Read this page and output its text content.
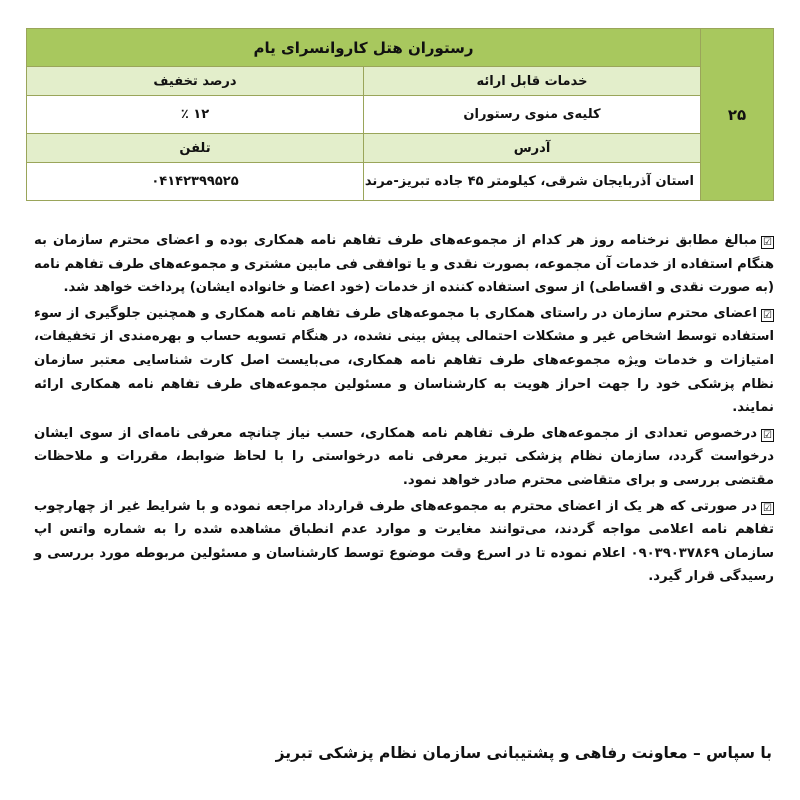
۲۵	رستوران هتل کاروانسرای یام	
	خدمات قابل ارائه	درصد تخفیف
	کلیه‌ی منوی رستوران	۱۲ ٪
	آدرس	تلفن
	استان آذربایجان شرقی، کیلومتر ۴۵ جاده تبریز-مرند	۰۴۱۴۲۳۹۹۵۲۵

☑مبالغ مطابق نرخنامه روز هر کدام از مجموعه‌های طرف تفاهم نامه همکاری بوده و اعضای محترم سازمان به هنگام استفاده از خدمات آن مجموعه، بصورت نقدی و یا توافقی فی مابین مشتری و مجموعه‌های طرف تفاهم نامه (به صورت نقدی و اقساطی) از سوی استفاده کننده از خدمات (خود اعضا و خانواده ایشان) پرداخت خواهد شد.

☑اعضای محترم سازمان در راستای همکاری با مجموعه‌های طرف تفاهم نامه همکاری و همچنین جلوگیری از سوء استفاده توسط اشخاص غیر و مشکلات احتمالی پیش بینی نشده، در هنگام تسویه حساب و بهره‌مندی از تخفیفات، امتیازات و خدمات ویژه مجموعه‌های طرف تفاهم نامه همکاری، می‌بایست اصل کارت شناسایی معتبر سازمان نظام پزشکی خود را جهت احراز هویت به کارشناسان و مسئولین مجموعه‌های طرف تفاهم نامه همکاری ارائه نمایند.

☑درخصوص تعدادی از مجموعه‌های طرف تفاهم نامه همکاری، حسب نیاز چنانچه معرفی نامه‌ای از سوی ایشان درخواست گردد، سازمان نظام پزشکی تبریز معرفی نامه درخواستی را با لحاظ ضوابط، مقررات و ملاحظات مقتضی بررسی و برای متقاضی محترم صادر خواهد نمود.

☑در صورتی که هر یک از اعضای محترم به مجموعه‌های طرف قرارداد مراجعه نموده و با شرایط غیر از چهارچوب تفاهم نامه اعلامی مواجه گردند، می‌توانند مغایرت و موارد عدم انطباق مشاهده شده را به شماره واتس اپ سازمان ۰۹۰۳۹۰۳۷۸۶۹ اعلام نموده تا در اسرع وقت موضوع توسط کارشناسان و مسئولین مربوطه مورد بررسی و رسیدگی قرار گیرد.

با سپاس – معاونت رفاهی و پشتیبانی سازمان نظام پزشکی تبریز
